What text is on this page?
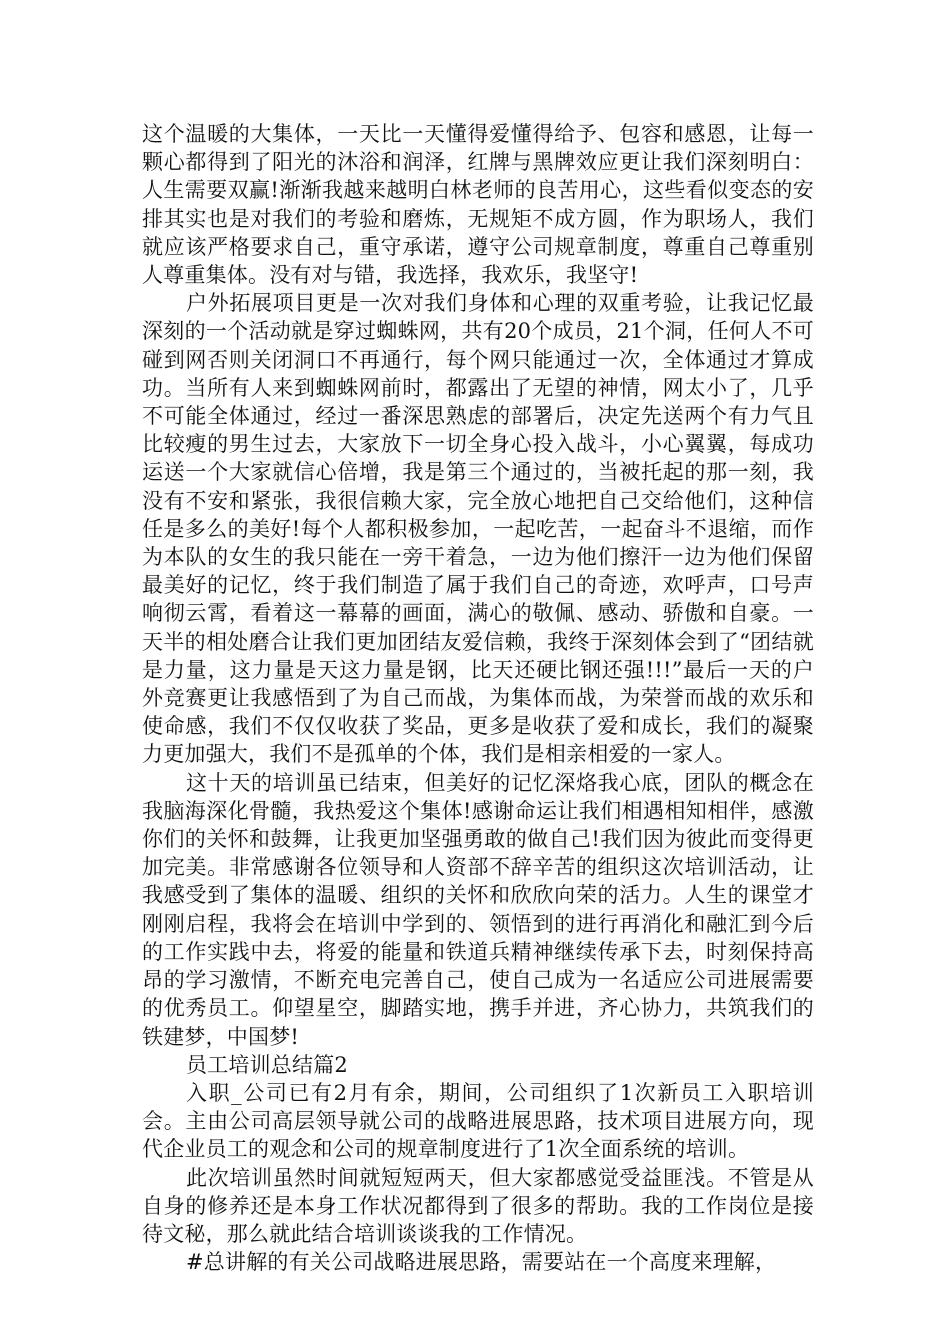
这个温暖的大集体，一天比一天懂得爱懂得给予、包容和感恩，让每一颗心都得到了阳光的沐浴和润泽，红牌与黑牌效应更让我们深刻明白：人生需要双赢!渐渐我越来越明白林老师的良苦用心，这些看似变态的安排其实也是对我们的考验和磨炼，无规矩不成方圆，作为职场人，我们就应该严格要求自己，重守承诺，遵守公司规章制度，尊重自己尊重别人尊重集体。没有对与错，我选择，我欢乐，我坚守!

户外拓展项目更是一次对我们身体和心理的双重考验，让我记忆最深刻的一个活动就是穿过蜘蛛网，共有20个成员，21个洞，任何人不可碰到网否则关闭洞口不再通行，每个网只能通过一次，全体通过才算成功。当所有人来到蜘蛛网前时，都露出了无望的神情，网太小了，几乎不可能全体通过，经过一番深思熟虑的部署后，决定先送两个有力气且比较瘦的男生过去，大家放下一切全身心投入战斗，小心翼翼，每成功运送一个大家就信心倍增，我是第三个通过的，当被托起的那一刻，我没有不安和紧张，我很信赖大家，完全放心地把自己交给他们，这种信任是多么的美好!每个人都积极参加，一起吃苦，一起奋斗不退缩，而作为本队的女生的我只能在一旁干着急，一边为他们擦汗一边为他们保留最美好的记忆，终于我们制造了属于我们自己的奇迹，欢呼声，口号声响彻云霄，看着这一幕幕的画面，满心的敬佩、感动、骄傲和自豪。一天半的相处磨合让我们更加团结友爱信赖，我终于深刻体会到了“团结就是力量，这力量是天这力量是钢，比天还硬比钢还强!!!”最后一天的户外竞赛更让我感悟到了为自己而战，为集体而战，为荣誉而战的欢乐和使命感，我们不仅仅收获了奖品，更多是收获了爱和成长，我们的凝聚力更加强大，我们不是孤单的个体，我们是相亲相爱的一家人。

这十天的培训虽已结束，但美好的记忆深烙我心底，团队的概念在我脑海深化骨髓，我热爱这个集体!感谢命运让我们相遇相知相伴，感激你们的关怀和鼓舞，让我更加坚强勇敢的做自己!我们因为彼此而变得更加完美。非常感谢各位领导和人资部不辞辛苦的组织这次培训活动，让我感受到了集体的温暖、组织的关怀和欣欣向荣的活力。人生的课堂才刚刚启程，我将会在培训中学到的、领悟到的进行再消化和融汇到今后的工作实践中去，将爱的能量和铁道兵精神继续传承下去，时刻保持高昂的学习激情，不断充电完善自己，使自己成为一名适应公司进展需要的优秀员工。仰望星空，脚踏实地，携手并进，齐心协力，共筑我们的铁建梦，中国梦!

员工培训总结篇2

入职_公司已有2月有余，期间，公司组织了1次新员工入职培训会。主由公司高层领导就公司的战略进展思路，技术项目进展方向，现代企业员工的观念和公司的规章制度进行了1次全面系统的培训。

此次培训虽然时间就短短两天，但大家都感觉受益匪浅。不管是从自身的修养还是本身工作状况都得到了很多的帮助。我的工作岗位是接待文秘，那么就此结合培训谈谈我的工作情况。

#总讲解的有关公司战略进展思路，需要站在一个高度来理解，
